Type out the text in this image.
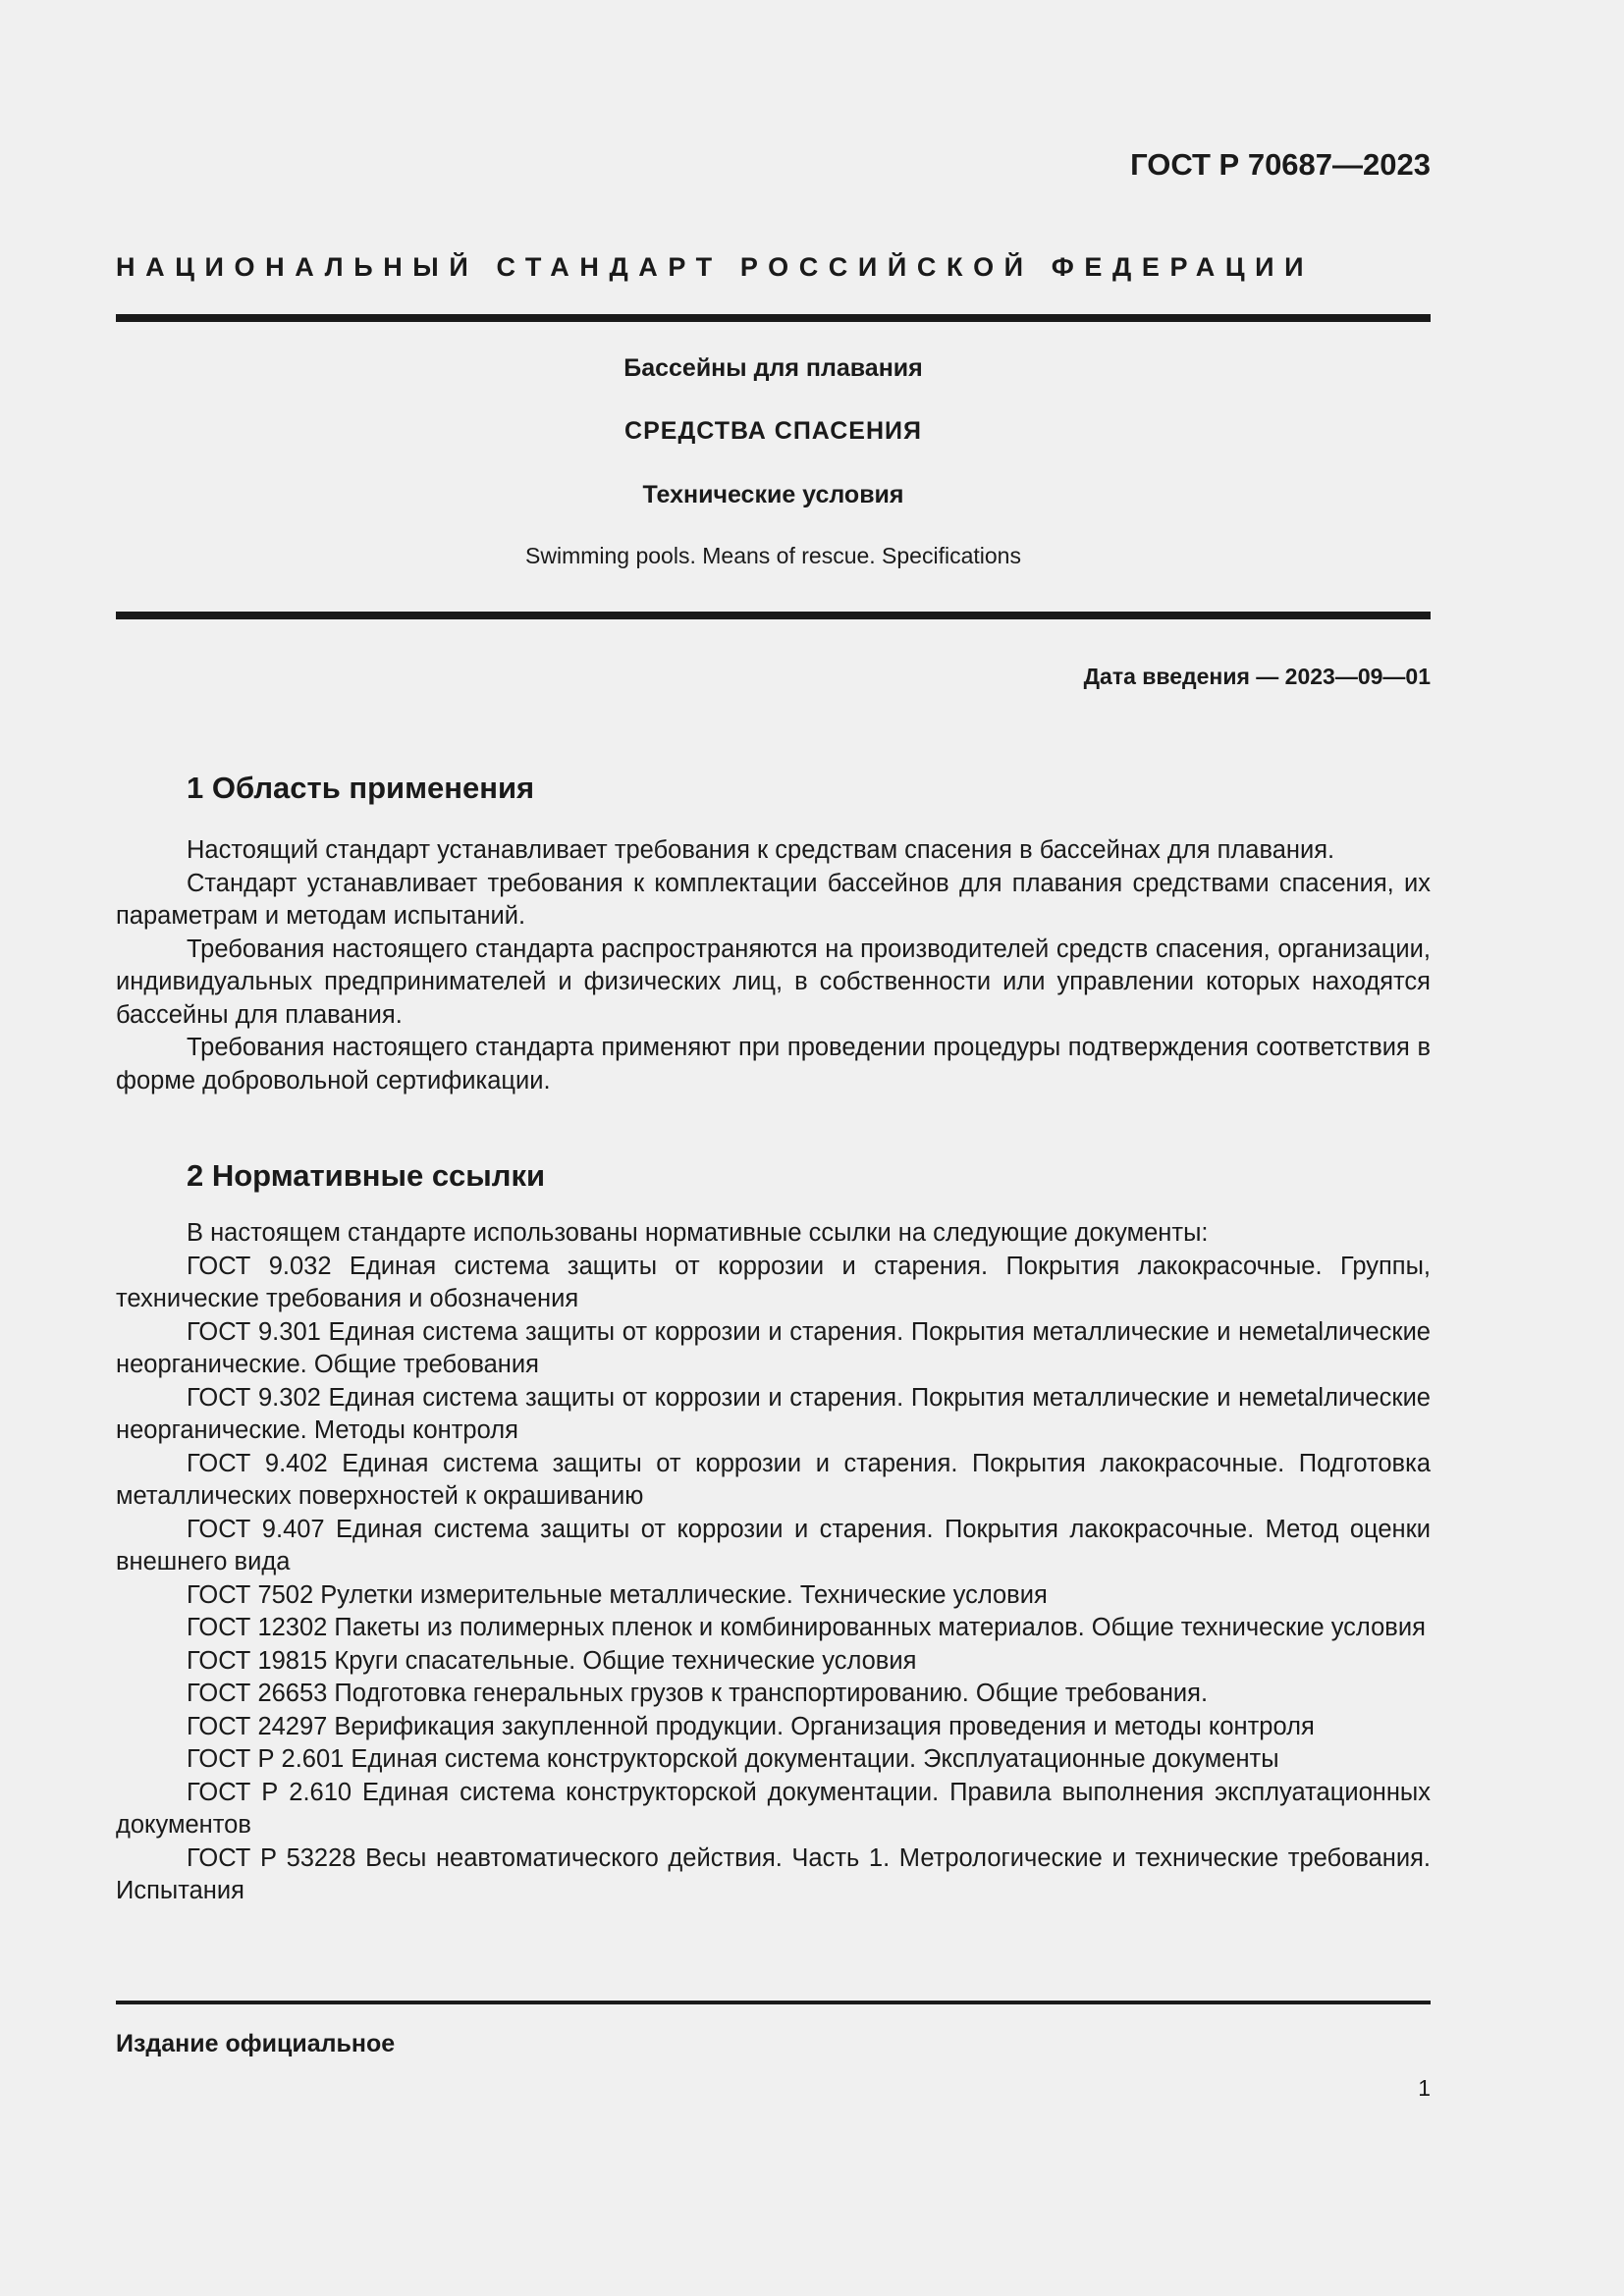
ГОСТ Р 70687—2023
НАЦИОНАЛЬНЫЙ СТАНДАРТ РОССИЙСКОЙ ФЕДЕРАЦИИ
Бассейны для плавания
СРЕДСТВА СПАСЕНИЯ
Технические условия
Swimming pools. Means of rescue. Specifications
Дата введения — 2023—09—01
1 Область применения

Настоящий стандарт устанавливает требования к средствам спасения в бассейнах для плавания.

Стандарт устанавливает требования к комплектации бассейнов для плавания средствами спасения, их параметрам и методам испытаний.

Требования настоящего стандарта распространяются на производителей средств спасения, организации, индивидуальных предпринимателей и физических лиц, в собственности или управлении которых находятся бассейны для плавания.

Требования настоящего стандарта применяют при проведении процедуры подтверждения соответствия в форме добровольной сертификации.

2 Нормативные ссылки

В настоящем стандарте использованы нормативные ссылки на следующие документы:

ГОСТ 9.032 Единая система защиты от коррозии и старения. Покрытия лакокрасочные. Группы, технические требования и обозначения

ГОСТ 9.301 Единая система защиты от коррозии и старения. Покрытия металлические и немetalлические неорганические. Общие требования

ГОСТ 9.302 Единая система защиты от коррозии и старения. Покрытия металлические и немetalлические неорганические. Методы контроля

ГОСТ 9.402 Единая система защиты от коррозии и старения. Покрытия лакокрасочные. Подготовка металлических поверхностей к окрашиванию

ГОСТ 9.407 Единая система защиты от коррозии и старения. Покрытия лакокрасочные. Метод оценки внешнего вида

ГОСТ 7502 Рулетки измерительные металлические. Технические условия

ГОСТ 12302 Пакеты из полимерных пленок и комбинированных материалов. Общие технические условия

ГОСТ 19815 Круги спасательные. Общие технические условия

ГОСТ 26653 Подготовка генеральных грузов к транспортированию. Общие требования.

ГОСТ 24297 Верификация закупленной продукции. Организация проведения и методы контроля

ГОСТ Р 2.601 Единая система конструкторской документации. Эксплуатационные документы

ГОСТ Р 2.610 Единая система конструкторской документации. Правила выполнения эксплуатационных документов

ГОСТ Р 53228 Весы неавтоматического действия. Часть 1. Метрологические и технические требования. Испытания

Издание официальное
1
